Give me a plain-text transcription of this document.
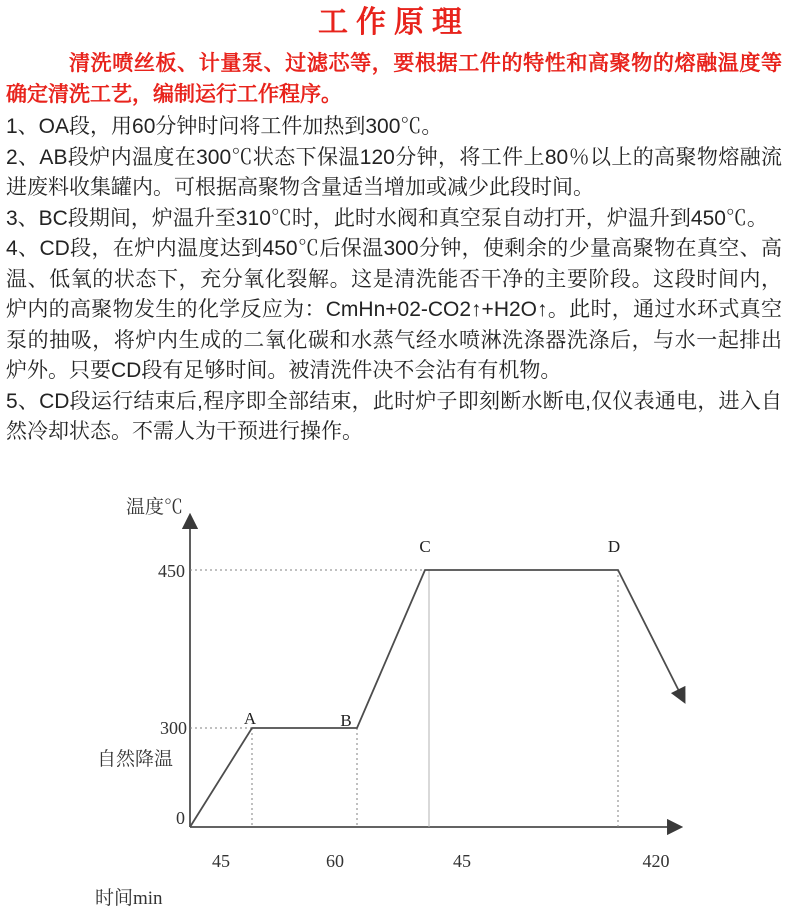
工作原理

清洗喷丝板、计量泵、过滤芯等，要根据工件的特性和高聚物的熔融温度等确定清洗工艺，编制运行工作程序。

1、OA段，用60分钟时问将工件加热到300℃。

2、AB段炉内温度在300℃状态下保温120分钟，将工件上80％以上的高聚物熔融流进废料收集罐内。可根据高聚物含量适当增加或减少此段时间。

3、BC段期间，炉温升至310℃时，此时水阀和真空泵自动打开，炉温升到450℃。

4、CD段，在炉内温度达到450℃后保温300分钟，使剩余的少量高聚物在真空、高温、低氧的状态下，充分氧化裂解。这是清洗能否干净的主要阶段。这段时间内，炉内的高聚物发生的化学反应为：CmHn+02-CO2↑+H2O↑。此时，通过水环式真空泵的抽吸，将炉内生成的二氧化碳和水蒸气经水喷淋洗涤器洗涤后，与水一起排出炉外。只要CD段有足够时间。被清洗件决不会沾有有机物。

5、CD段运行结束后,程序即全部结束，此时炉子即刻断水断电,仅仪表通电，进入自然冷却状态。不需人为干预进行操作。

温度℃
自然降温
时间min
450
300
0
A	B
C	D
45	60	45	420
